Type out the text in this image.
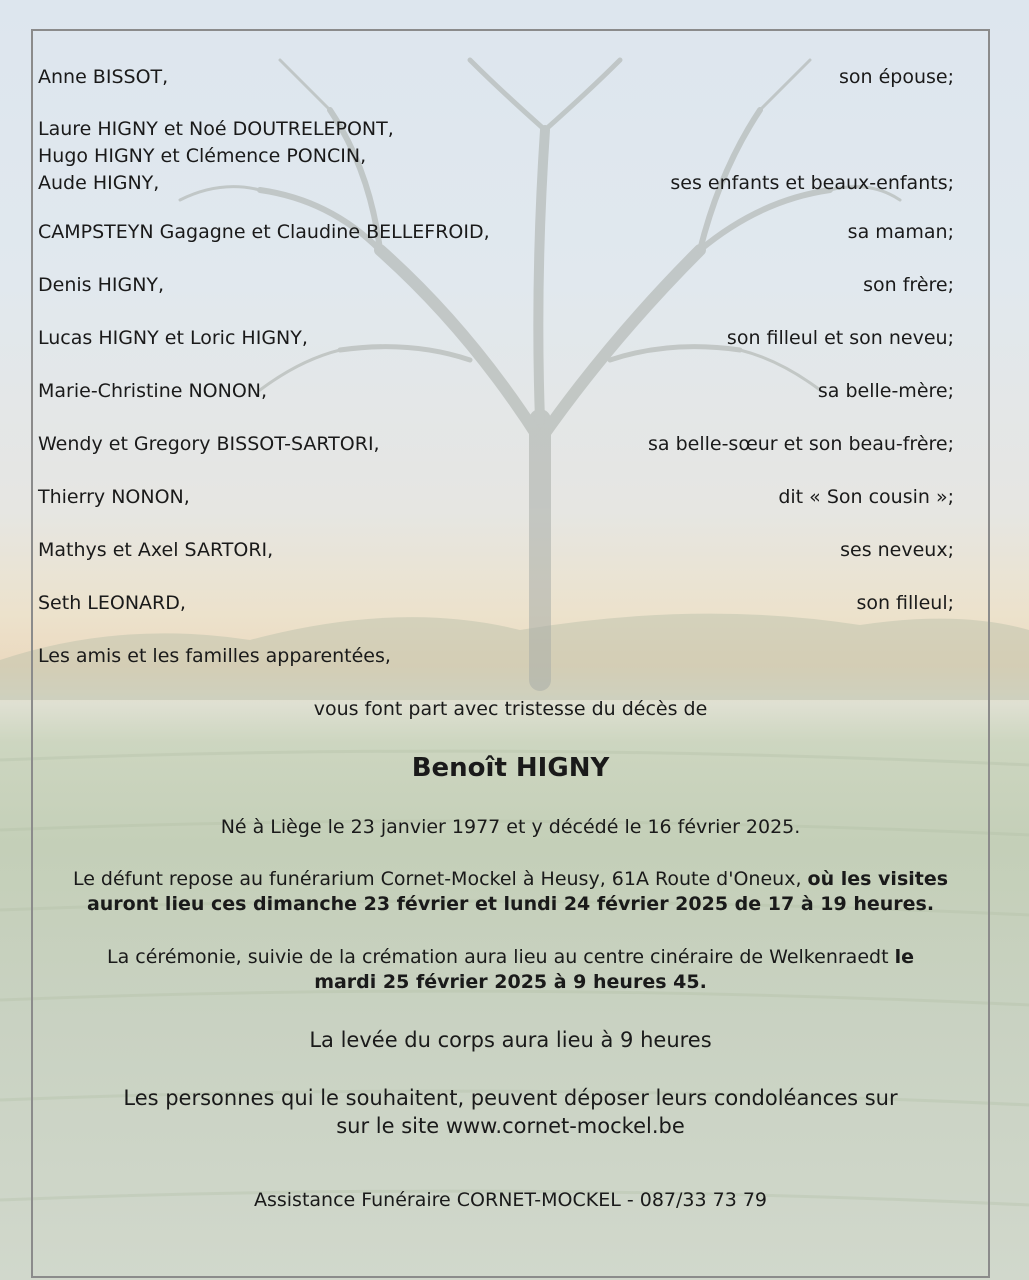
Anne BISSOT,	son épouse;
Laure HIGNY et Noé DOUTRELEPONT,
Hugo HIGNY et Clémence PONCIN,
Aude HIGNY,	ses enfants et beaux-enfants;
CAMPSTEYN Gagagne et Claudine BELLEFROID,	sa maman;
Denis HIGNY,	son frère;
Lucas HIGNY et Loric HIGNY,	son filleul et son neveu;
Marie-Christine NONON,	sa belle-mère;
Wendy et Gregory BISSOT-SARTORI,	sa belle-sœur et son beau-frère;
Thierry NONON,	dit « Son cousin »;
Mathys et Axel SARTORI,	ses neveux;
Seth LEONARD,	son filleul;
Les amis et les familles apparentées,
vous font part avec tristesse du décès de
Benoît HIGNY
Né à Liège le 23 janvier 1977 et y décédé le 16 février 2025.
Le défunt repose au funérarium Cornet-Mockel à Heusy, 61A Route d'Oneux, où les visites
auront lieu ces dimanche 23 février et lundi 24 février 2025 de 17 à 19 heures.
La cérémonie, suivie de la crémation aura lieu au centre cinéraire de Welkenraedt le
mardi 25 février 2025 à 9 heures 45.
La levée du corps aura lieu à 9 heures
Les personnes qui le souhaitent, peuvent déposer leurs condoléances sur
sur le site www.cornet-mockel.be
Assistance Funéraire CORNET-MOCKEL - 087/33 73 79
